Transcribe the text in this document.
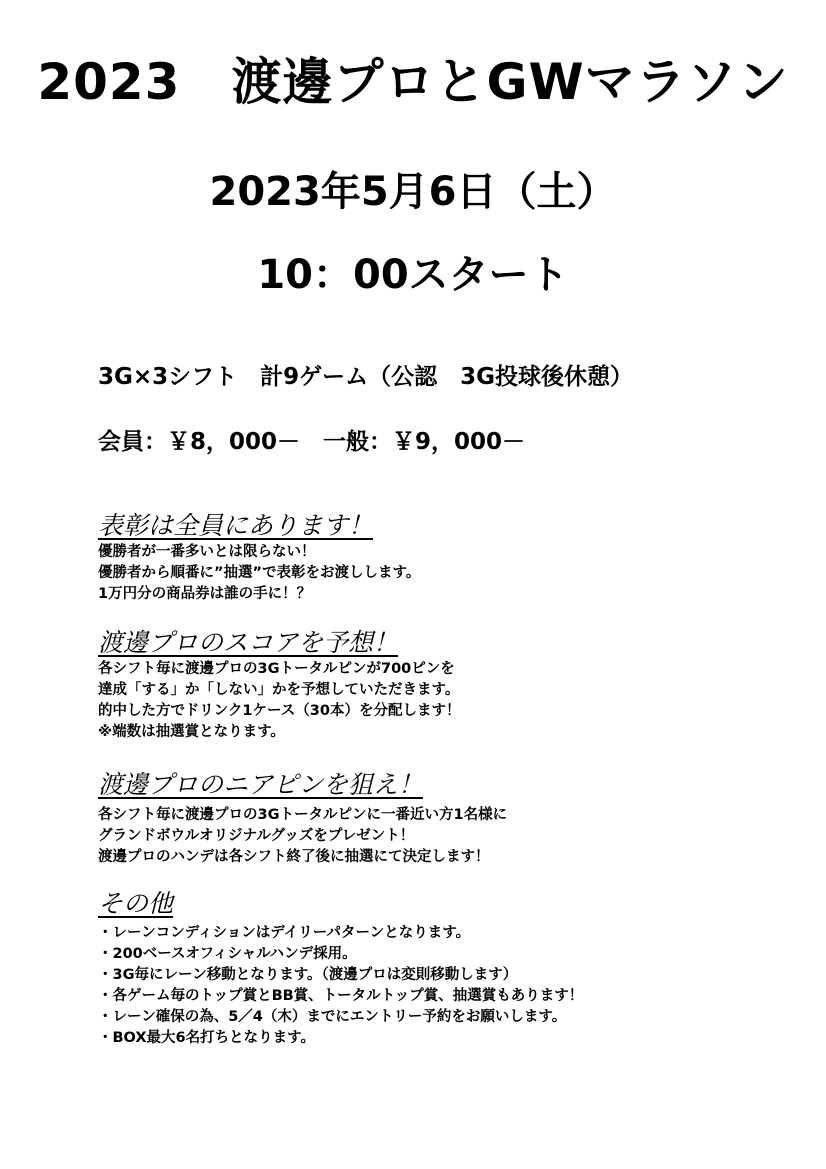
2023　渡邊プロとGWマラソン
2023年5月6日（土）
10：00スタート
3G×3シフト　計9ゲーム（公認　3G投球後休憩）
会員：￥8，000－　一般：￥9，000－
表彰は全員にあります！
優勝者が一番多いとは限らない！
優勝者から順番に”抽選”で表彰をお渡しします。
1万円分の商品券は誰の手に！？
渡邊プロのスコアを予想！
各シフト毎に渡邊プロの3Gトータルピンが700ピンを
達成「する」か「しない」かを予想していただきます。
的中した方でドリンク1ケース（30本）を分配します！
※端数は抽選賞となります。
渡邊プロのニアピンを狙え！
各シフト毎に渡邊プロの3Gトータルピンに一番近い方1名様に
グランドボウルオリジナルグッズをプレゼント！
渡邊プロのハンデは各シフト終了後に抽選にて決定します！
その他
・レーンコンディションはデイリーパターンとなります。
・200ベースオフィシャルハンデ採用。
・3G毎にレーン移動となります。（渡邊プロは変則移動します）
・各ゲーム毎のトップ賞とBB賞、トータルトップ賞、抽選賞もあります！
・レーン確保の為、5／4（木）までにエントリー予約をお願いします。
・BOX最大6名打ちとなります。
